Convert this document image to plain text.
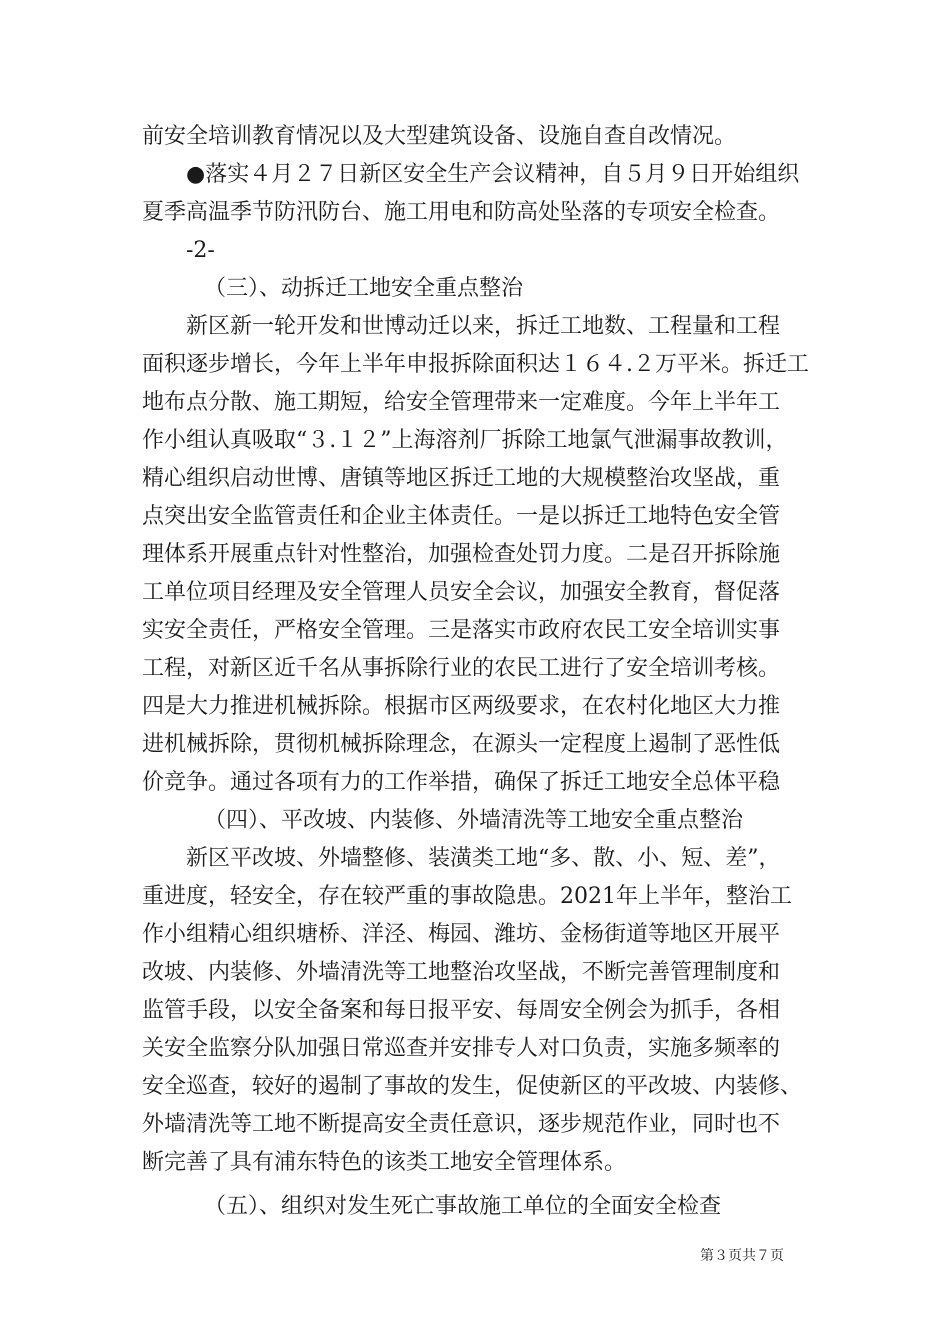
前安全培训教育情况以及大型建筑设备、设施自查自改情况。

●落实４月２７日新区安全生产会议精神，自５月９日开始组织

夏季高温季节防汛防台、施工用电和防高处坠落的专项安全检查。

-2-

（三）、动拆迁工地安全重点整治

新区新一轮开发和世博动迁以来，拆迁工地数、工程量和工程

面积逐步增长，今年上半年申报拆除面积达１６４.２万平米。拆迁工

地布点分散、施工期短，给安全管理带来一定难度。今年上半年工

作小组认真吸取“３.１２”上海溶剂厂拆除工地氯气泄漏事故教训，

精心组织启动世博、唐镇等地区拆迁工地的大规模整治攻坚战，重

点突出安全监管责任和企业主体责任。一是以拆迁工地特色安全管

理体系开展重点针对性整治，加强检查处罚力度。二是召开拆除施

工单位项目经理及安全管理人员安全会议，加强安全教育，督促落

实安全责任，严格安全管理。三是落实市政府农民工安全培训实事

工程，对新区近千名从事拆除行业的农民工进行了安全培训考核。

四是大力推进机械拆除。根据市区两级要求，在农村化地区大力推

进机械拆除，贯彻机械拆除理念，在源头一定程度上遏制了恶性低

价竞争。通过各项有力的工作举措，确保了拆迁工地安全总体平稳

（四）、平改坡、内装修、外墙清洗等工地安全重点整治

新区平改坡、外墙整修、装潢类工地“多、散、小、短、差”，

重进度，轻安全，存在较严重的事故隐患。2021年上半年，整治工

作小组精心组织塘桥、洋泾、梅园、潍坊、金杨街道等地区开展平

改坡、内装修、外墙清洗等工地整治攻坚战，不断完善管理制度和

监管手段，以安全备案和每日报平安、每周安全例会为抓手，各相

关安全监察分队加强日常巡查并安排专人对口负责，实施多频率的

安全巡查，较好的遏制了事故的发生，促使新区的平改坡、内装修、

外墙清洗等工地不断提高安全责任意识，逐步规范作业，同时也不

断完善了具有浦东特色的该类工地安全管理体系。

（五）、组织对发生死亡事故施工单位的全面安全检查

第３页共７页
